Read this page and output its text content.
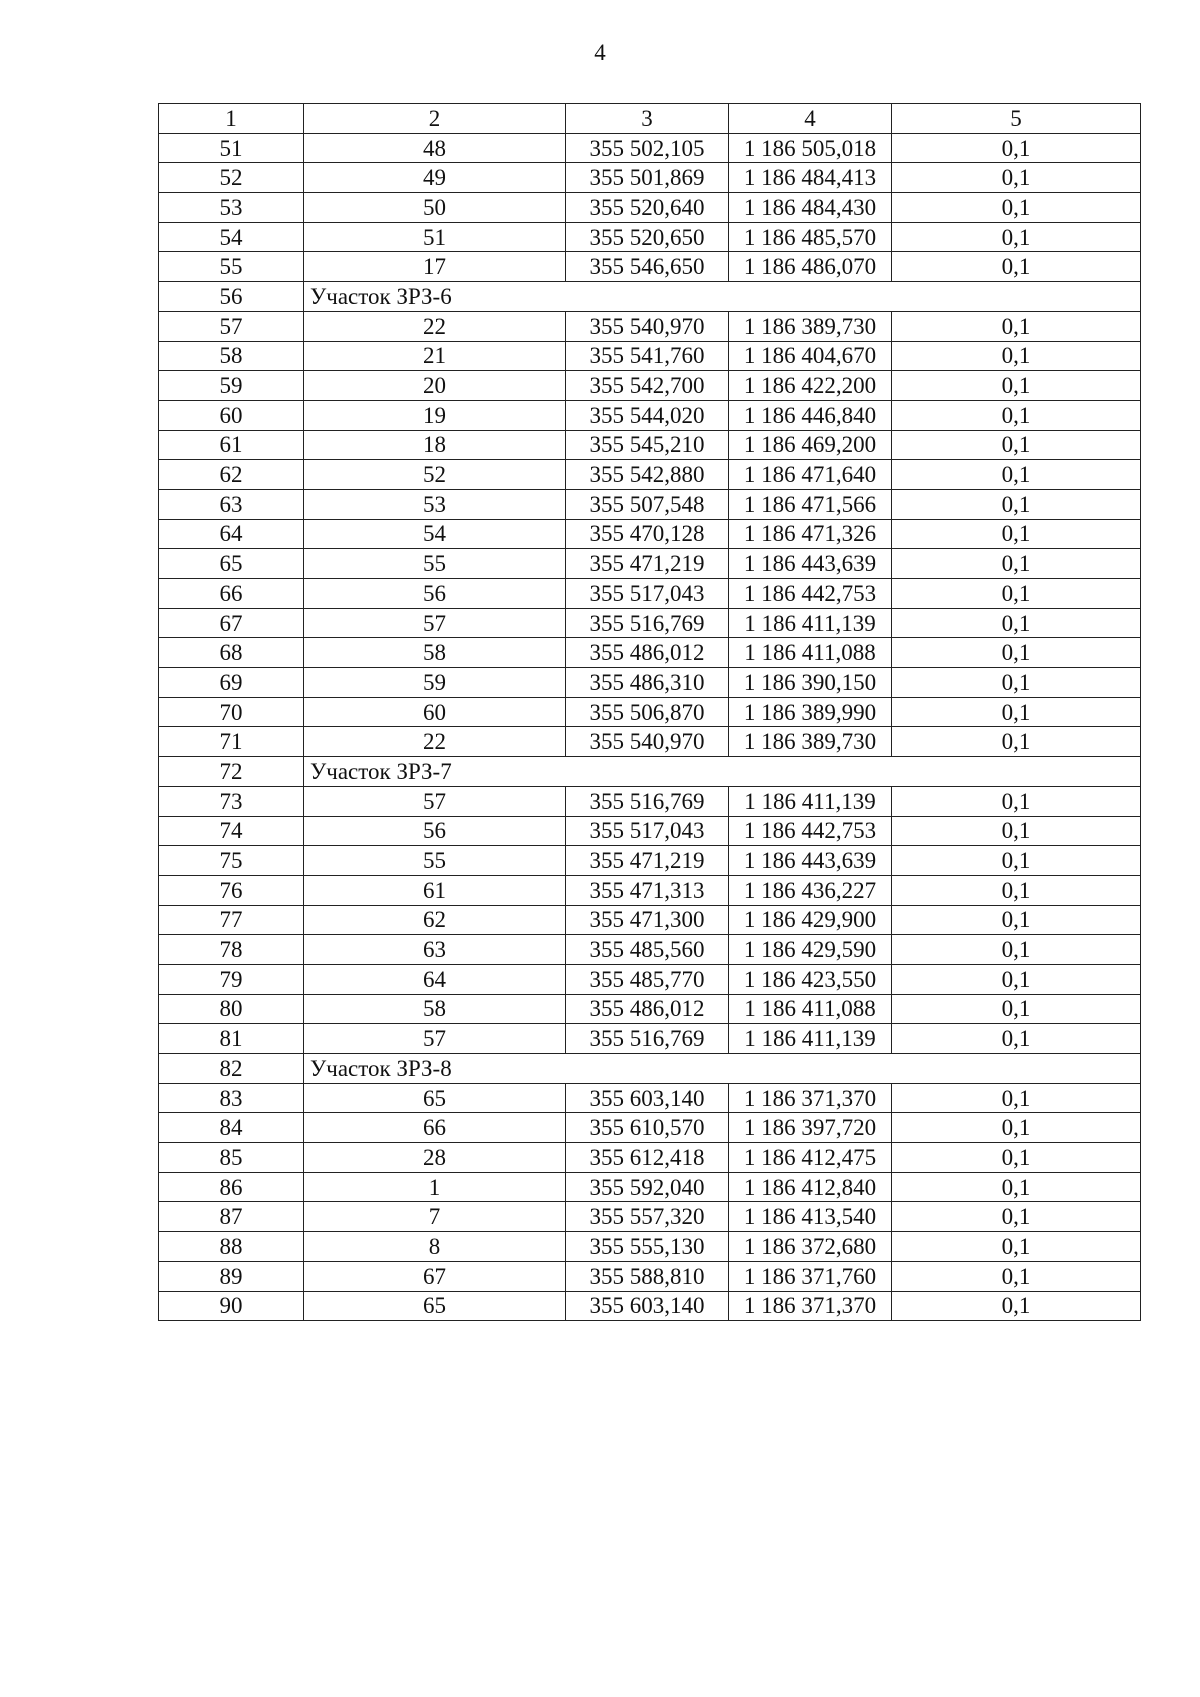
4
1	2	3	4	5
51	48	355 502,105	1 186 505,018	0,1
52	49	355 501,869	1 186 484,413	0,1
53	50	355 520,640	1 186 484,430	0,1
54	51	355 520,650	1 186 485,570	0,1
55	17	355 546,650	1 186 486,070	0,1
56	Участок ЗРЗ-6			
57	22	355 540,970	1 186 389,730	0,1
58	21	355 541,760	1 186 404,670	0,1
59	20	355 542,700	1 186 422,200	0,1
60	19	355 544,020	1 186 446,840	0,1
61	18	355 545,210	1 186 469,200	0,1
62	52	355 542,880	1 186 471,640	0,1
63	53	355 507,548	1 186 471,566	0,1
64	54	355 470,128	1 186 471,326	0,1
65	55	355 471,219	1 186 443,639	0,1
66	56	355 517,043	1 186 442,753	0,1
67	57	355 516,769	1 186 411,139	0,1
68	58	355 486,012	1 186 411,088	0,1
69	59	355 486,310	1 186 390,150	0,1
70	60	355 506,870	1 186 389,990	0,1
71	22	355 540,970	1 186 389,730	0,1
72	Участок ЗРЗ-7			
73	57	355 516,769	1 186 411,139	0,1
74	56	355 517,043	1 186 442,753	0,1
75	55	355 471,219	1 186 443,639	0,1
76	61	355 471,313	1 186 436,227	0,1
77	62	355 471,300	1 186 429,900	0,1
78	63	355 485,560	1 186 429,590	0,1
79	64	355 485,770	1 186 423,550	0,1
80	58	355 486,012	1 186 411,088	0,1
81	57	355 516,769	1 186 411,139	0,1
82	Участок ЗРЗ-8			
83	65	355 603,140	1 186 371,370	0,1
84	66	355 610,570	1 186 397,720	0,1
85	28	355 612,418	1 186 412,475	0,1
86	1	355 592,040	1 186 412,840	0,1
87	7	355 557,320	1 186 413,540	0,1
88	8	355 555,130	1 186 372,680	0,1
89	67	355 588,810	1 186 371,760	0,1
90	65	355 603,140	1 186 371,370	0,1
